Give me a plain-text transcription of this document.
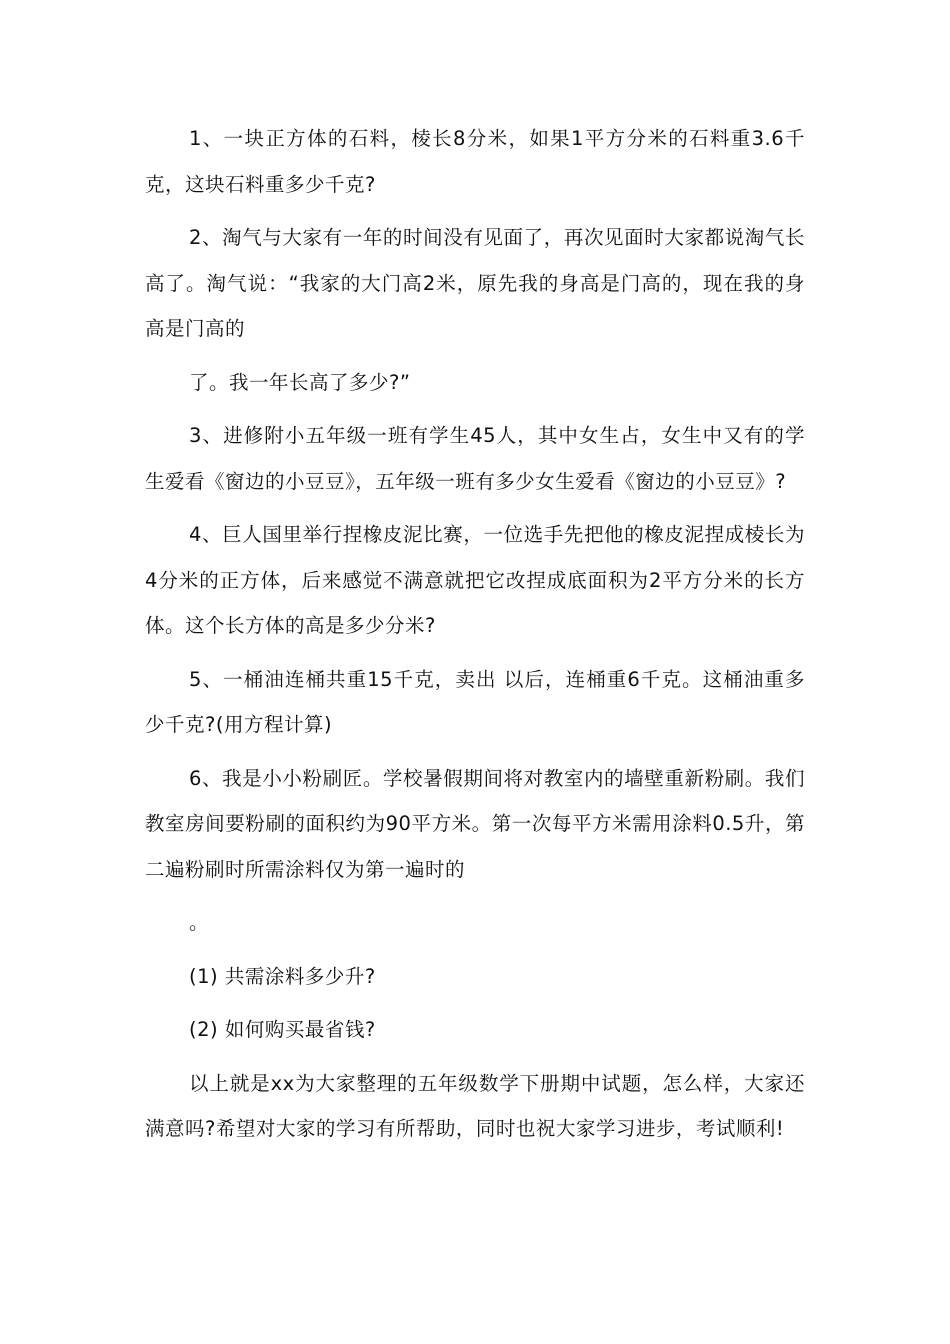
1、一块正方体的石料，棱长8分米，如果1平方分米的石料重3.6千克，这块石料重多少千克?

2、淘气与大家有一年的时间没有见面了，再次见面时大家都说淘气长高了。淘气说：“我家的大门高2米，原先我的身高是门高的，现在我的身高是门高的

了。我一年长高了多少?”

3、进修附小五年级一班有学生45人，其中女生占，女生中又有的学生爱看《窗边的小豆豆》，五年级一班有多少女生爱看《窗边的小豆豆》?

4、巨人国里举行捏橡皮泥比赛，一位选手先把他的橡皮泥捏成棱长为4分米的正方体，后来感觉不满意就把它改捏成底面积为2平方分米的长方体。这个长方体的高是多少分米?

5、一桶油连桶共重15千克，卖出 以后，连桶重6千克。这桶油重多少千克?(用方程计算)

6、我是小小粉刷匠。学校暑假期间将对教室内的墙壁重新粉刷。我们教室房间要粉刷的面积约为90平方米。第一次每平方米需用涂料0.5升，第二遍粉刷时所需涂料仅为第一遍时的

。

(1) 共需涂料多少升?

(2) 如何购买最省钱?

以上就是xx为大家整理的五年级数学下册期中试题，怎么样，大家还满意吗?希望对大家的学习有所帮助，同时也祝大家学习进步，考试顺利!
